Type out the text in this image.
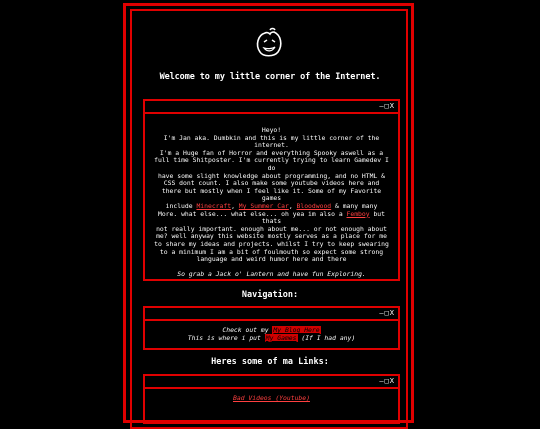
Welcome to my little corner of the Internet.
–□X
Heyo!
I'm Jan aka. Dumbkin and this is my little corner of the internet.
I'm a Huge fan of Horror and everything Spooky aswell as a
full time Shitposter. I'm currently trying to learn Gamedev I do
have some slight knowledge about programming, and no HTML &
CSS dont count. I also make some youtube videos here and
there but mostly when I feel like it. Some of my Favorite games
include Minecraft, My Summer Car, Bloodwood & many many
More. what else... what else... oh yea im also a Femboy but thats
not really important. enough about me... or not enough about
me? well anyway this website mostly serves as a place for me
to share my ideas and projects. whilst I try to keep swearing
to a minimum I am a bit of foulmouth so expect some strong
language and weird humor here and there
So grab a Jack o' Lantern and have fun Exploring.
Navigation:
–□X
Check out my My Blog Here
This is where i put My Games (If I had any)
Heres some of ma Links:
–□X
Bad Videos (Youtube)
